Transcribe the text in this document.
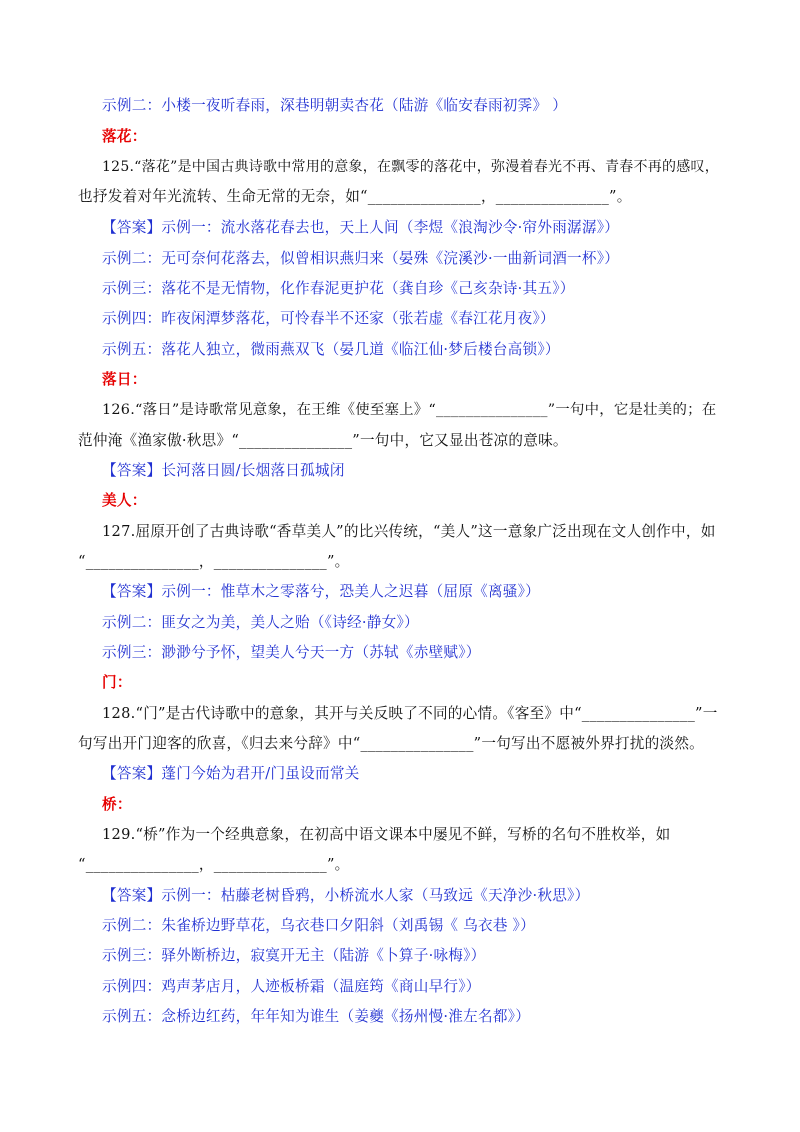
示例二：小楼一夜听春雨，深巷明朝卖杏花（陆游《临安春雨初霁》 ）
落花：
125.“落花”是中国古典诗歌中常用的意象，在飘零的落花中，弥漫着春光不再、青春不再的感叹，
也抒发着对年光流转、生命无常的无奈，如“_______________，_______________”。
【答案】示例一：流水落花春去也，天上人间（李煜《浪淘沙令·帘外雨潺潺》）
示例二：无可奈何花落去，似曾相识燕归来（晏殊《浣溪沙·一曲新词酒一杯》）
示例三：落花不是无情物，化作春泥更护花（龚自珍《己亥杂诗·其五》）
示例四：昨夜闲潭梦落花，可怜春半不还家（张若虚《春江花月夜》）
示例五：落花人独立，微雨燕双飞（晏几道《临江仙·梦后楼台高锁》）
落日：
126.“落日”是诗歌常见意象，在王维《使至塞上》“_______________”一句中，它是壮美的；在
范仲淹《渔家傲·秋思》“_______________”一句中，它又显出苍凉的意味。
【答案】长河落日圆/长烟落日孤城闭
美人：
127.屈原开创了古典诗歌“香草美人”的比兴传统，“美人”这一意象广泛出现在文人创作中，如
“_______________，_______________”。
【答案】示例一：惟草木之零落兮，恐美人之迟暮（屈原《离骚》）
示例二：匪女之为美，美人之贻（《诗经·静女》）
示例三：渺渺兮予怀，望美人兮天一方（苏轼《赤壁赋》）
门：
128.“门”是古代诗歌中的意象，其开与关反映了不同的心情。《客至》中“_______________”一
句写出开门迎客的欣喜，《归去来兮辞》中“_______________”一句写出不愿被外界打扰的淡然。
【答案】蓬门今始为君开/门虽设而常关
桥：
129.“桥”作为一个经典意象，在初高中语文课本中屡见不鲜，写桥的名句不胜枚举，如
“_______________，_______________”。
【答案】示例一：枯藤老树昏鸦，小桥流水人家（马致远《天净沙·秋思》）
示例二：朱雀桥边野草花，乌衣巷口夕阳斜（刘禹锡《 乌衣巷 》）
示例三：驿外断桥边，寂寞开无主（陆游《卜算子·咏梅》）
示例四：鸡声茅店月，人迹板桥霜（温庭筠《商山早行》）
示例五：念桥边红药，年年知为谁生（姜夔《扬州慢·淮左名都》）
